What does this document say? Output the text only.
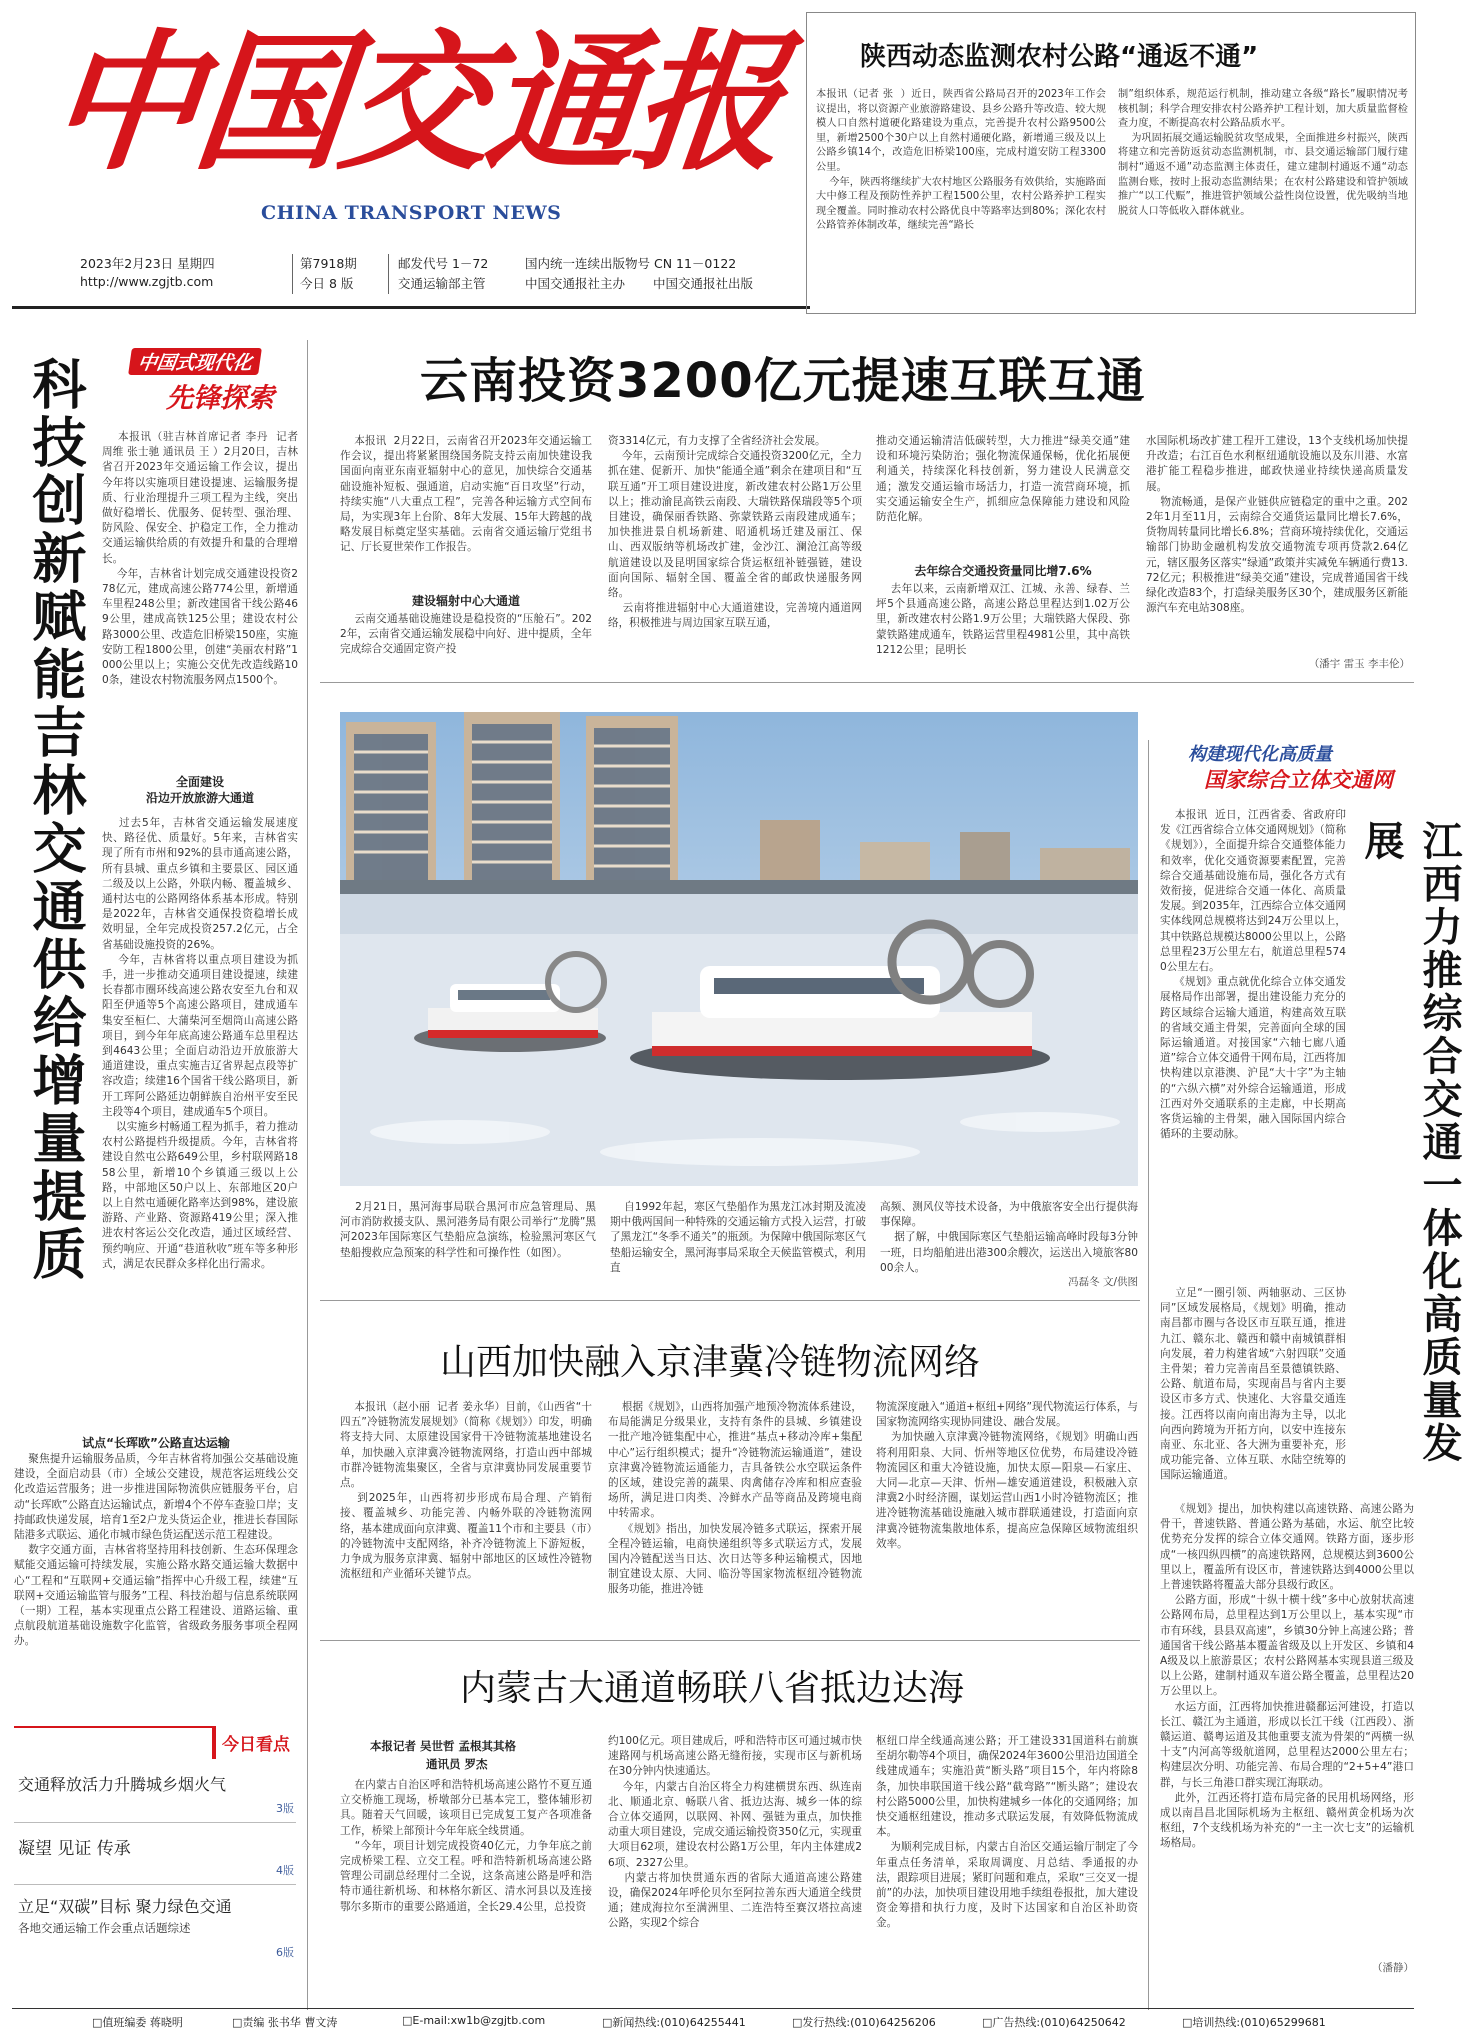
中国交通报
CHINA TRANSPORT NEWS
2023年2月23日 星期四
http://www.zgjtb.com
第7918期
今日 8 版
邮发代号 1－72	国内统一连续出版物号 CN 11－0122
交通运输部主管	中国交通报社主办 中国交通报社出版
陕西动态监测农村公路“通返不通”

本报讯（记者 张  ）近日，陕西省公路局召开的2023年工作会议提出，将以资源产业旅游路建设、县乡公路升等改造、较大规模人口自然村道硬化路建设为重点，完善提升农村公路9500公里，新增2500个30户以上自然村通硬化路，新增通三级及以上公路乡镇14个，改造危旧桥梁100座，完成村道安防工程3300公里。
今年，陕西将继续扩大农村地区公路服务有效供给，实施路面大中修工程及预防性养护工程1500公里，农村公路养护工程实现全覆盖。同时推动农村公路优良中等路率达到80%；深化农村公路管养体制改革，继续完善“路长

制”组织体系，规范运行机制，推动建立各级“路长”履职情况考核机制；科学合理安排农村公路养护工程计划，加大质量监督检查力度，不断提高农村公路品质水平。
为巩固拓展交通运输脱贫攻坚成果，全面推进乡村振兴，陕西将建立和完善防返贫动态监测机制，市、县交通运输部门履行建制村“通返不通”动态监测主体责任，建立建制村通返不通“动态监测台账，按时上报动态监测结果；在农村公路建设和管护领域推广“以工代赈”，推进管护领域公益性岗位设置，优先吸纳当地脱贫人口等低收入群体就业。

中国式现代化
先锋探索
科技创新赋能吉林交通供给增量提质	本报讯（驻吉林首席记者 李丹  记者 周维 张士驰 通讯员 王 ）2月20日，吉林省召开2023年交通运输工作会议，提出今年将以实施项目建设提速、运输服务提质、行业治理提升三项工程为主线，突出做好稳增长、优服务、促转型、强治理、防风险、保安全、护稳定工作，全力推动交通运输供给质的有效提升和量的合理增长。
今年，吉林省计划完成交通建设投资278亿元，建成高速公路774公里，新增通车里程248公里；新改建国省干线公路469公里，建成高铁125公里；建设农村公路3000公里、改造危旧桥梁150座，实施安防工程1800公里，创建“美丽农村路”1000公里以上；实施公交优先改造线路100条，建设农村物流服务网点1500个。

全面建设
沿边开放旅游大通道

过去5年，吉林省交通运输发展速度快、路径优、质量好。5年来，吉林省实现了所有市州和92%的县市通高速公路，所有县城、重点乡镇和主要景区、园区通二级及以上公路，外联内畅、覆盖城乡、通村达屯的公路网络体系基本形成。特别是2022年，吉林省交通保投资稳增长成效明显，全年完成投资257.2亿元，占全省基础设施投资的26%。
今年，吉林省将以重点项目建设为抓手，进一步推动交通项目建设提速，续建长春都市圈环线高速公路农安至九台和双阳至伊通等5个高速公路项目，建成通车集安至桓仁、大蒲柴河至烟筒山高速公路项目，到今年年底高速公路通车总里程达到4643公里；全面启动沿边开放旅游大通道建设，重点实施吉辽省界起点段等扩容改造；续建16个国省干线公路项目，新开工珲阿公路延边朝鲜族自治州平安至民主段等4个项目，建成通车5个项目。
以实施乡村畅通工程为抓手，着力推动农村公路提档升级提质。今年，吉林省将建设自然屯公路649公里，乡村联网路1858公里，新增10个乡镇通三级以上公路，中部地区50户以上、东部地区20户以上自然屯通硬化路率达到98%，建设旅游路、产业路、资源路419公里；深入推进农村客运公交化改造，通过区域经营、预约响应、开通“巷道秋收”班车等多种形式，满足农民群众多样化出行需求。

试点“长珲欧”公路直达运输

聚焦提升运输服务品质，今年吉林省将加强公交基础设施建设，全面启动县（市）全域公交建设，规范客运班线公交化改造运营服务；进一步推进国际物流供应链服务平台，启动“长珲欧”公路直达运输试点，新增4个不停车查验口岸；支持邮政快递发展，培育1至2户龙头货运企业，推进长春国际陆港多式联运、通化市城市绿色货运配送示范工程建设。
数字交通方面，吉林省将坚持用科技创新、生态环保理念赋能交通运输可持续发展，实施公路水路交通运输大数据中心“工程和“互联网+交通运输”指挥中心升级工程，续建“互联网+交通运输监管与服务”工程、科技治超与信息系统联网（一期）工程，基本实现重点公路工程建设、道路运输、重点航段航道基础设施数字化监管，省级政务服务事项全程网办。

今日看点
交通释放活力升腾城乡烟火气
3版
凝望 见证 传承
4版
立足“双碳”目标 聚力绿色交通
各地交通运输工作会重点话题综述
6版
云南投资3200亿元提速互联互通

本报讯  2月22日，云南省召开2023年交通运输工作会议，提出将紧紧围绕国务院支持云南加快建设我国面向南亚东南亚辐射中心的意见，加快综合交通基础设施补短板、强通道，启动实施“百日攻坚”行动，持续实施“八大重点工程”，完善各种运输方式空间布局，为实现3年上台阶、8年大发展、15年大跨越的战略发展目标奠定坚实基础。云南省交通运输厅党组书记、厅长夏世荣作工作报告。

建设辐射中心大通道

云南交通基础设施建设是稳投资的“压舱石”。2022年，云南省交通运输发展稳中向好、进中提质，全年完成综合交通固定资产投

资3314亿元，有力支撑了全省经济社会发展。
今年，云南预计完成综合交通投资3200亿元，全力抓在建、促新开、加快“能通全通”剩余在建项目和“互联互通”开工项目建设进度，新改建农村公路1万公里以上；推动渝昆高铁云南段、大瑞铁路保瑞段等5个项目建设，确保丽香铁路、弥蒙铁路云南段建成通车；加快推进景自机场新建、昭通机场迁建及丽江、保山、西双版纳等机场改扩建，金沙江、澜沧江高等级航道建设以及昆明国家综合货运枢纽补链强链，建设面向国际、辐射全国、覆盖全省的邮政快递服务网络。
云南将推进辐射中心大通道建设，完善境内通道网络，积极推进与周边国家互联互通，

推动交通运输清洁低碳转型，大力推进“绿美交通”建设和环境污染防治；强化物流保通保畅，优化拓展便利通关，持续深化科技创新，努力建设人民满意交通；激发交通运输市场活力，打造一流营商环境，抓实交通运输安全生产，抓细应急保障能力建设和风险防范化解。

去年综合交通投资量同比增7.6%

去年以来，云南新增双江、江城、永善、绿春、兰坪5个县通高速公路，高速公路总里程达到1.02万公里，新改建农村公路1.9万公里；大瑞铁路大保段、弥蒙铁路建成通车，铁路运营里程4981公里，其中高铁1212公里；昆明长

水国际机场改扩建工程开工建设，13个支线机场加快提升改造；右江百色水利枢纽通航设施以及东川港、水富港扩能工程稳步推进，邮政快递业持续快递高质量发展。
物流畅通，是保产业链供应链稳定的重中之重。2022年1月至11月，云南综合交通货运量同比增长7.6%，货物周转量同比增长6.8%；营商环境持续优化，交通运输部门协助金融机构发放交通物流专项再贷款2.64亿元，辖区服务区落实“绿通”政策并实减免车辆通行费13.72亿元；积极推进“绿美交通”建设，完成普通国省干线绿化改造83个，打造绿美服务区30个，建成服务区新能源汽车充电站308座。

（潘宇 雷玉 李丰伦）

2月21日，黑河海事局联合黑河市应急管理局、黑河市消防救援支队、黑河港务局有限公司举行“龙腾”黑河2023年国际寒区气垫船应急演练，检验黑河寒区气垫船搜救应急预案的科学性和可操作性（如图）。

自1992年起，寒区气垫船作为黑龙江冰封期及流凌期中俄两国间一种特殊的交通运输方式投入运营，打破了黑龙江“冬季不通关”的瓶颈。为保障中俄国际寒区气垫船运输安全，黑河海事局采取全天候监管模式，利用直

高频、测风仪等技术设备，为中俄旅客安全出行提供海事保障。
据了解，中俄国际寒区气垫船运输高峰时段每3分钟一班，日均船舶进出港300余艘次，运送出入境旅客8000余人。

冯磊冬 文/供图
构建现代化高质量
国家综合立体交通网

本报讯  近日，江西省委、省政府印发《江西省综合立体交通网规划》（简称《规划》），全面提升综合交通整体能力和效率，优化交通资源要素配置，完善综合交通基础设施布局，强化各方式有效衔接，促进综合交通一体化、高质量发展。到2035年，江西综合立体交通网实体线网总规模将达到24万公里以上，其中铁路总规模达8000公里以上，公路总里程23万公里左右，航道总里程5740公里左右。
《规划》重点就优化综合立体交通发展格局作出部署，提出建设能力充分的跨区域综合运输大通道，构建高效互联的省域交通主骨架，完善面向全球的国际运输通道。对接国家“六轴七廊八通道”综合立体交通骨干网布局，江西将加快构建以京港澳、沪昆“大十字”为主轴的“六纵六横”对外综合运输通道，形成江西对外交通联系的主走廊，中长期高客货运输的主骨架，融入国际国内综合循环的主要动脉。	江西力推综合交通一体化高质量发展

立足“一圈引领、两轴驱动、三区协同”区域发展格局，《规划》明确，推动南昌都市圈与各设区市互联互通，推进九江、赣东北、赣西和赣中南城镇群相向发展，着力构建省域“六射四联”交通主骨架；着力完善南昌至景德镇铁路、公路、航道布局，实现南昌与省内主要设区市多方式、快速化、大容量交通连接。江西将以南向南出海为主导，以北向西向跨境为开拓方向，以安中连接东南亚、东北亚、各大洲为重要补充，形成功能完备、立体互联、水陆空统筹的国际运输通道。

《规划》提出，加快构建以高速铁路、高速公路为骨干，普速铁路、普通公路为基础，水运、航空比较优势充分发挥的综合立体交通网。铁路方面，逐步形成“一核四纵四横”的高速铁路网，总规模达到3600公里以上，覆盖所有设区市，普速铁路达到4000公里以上普速铁路将覆盖大部分县级行政区。
公路方面，形成“十纵十横十线”多中心放射状高速公路网布局，总里程达到1万公里以上，基本实现“市市有环线，县县双高速”，乡镇30分钟上高速公路；普通国省干线公路基本覆盖省级及以上开发区、乡镇和4A级及以上旅游景区；农村公路网基本实现县道三级及以上公路，建制村通双车道公路全覆盖，总里程达20万公里以上。
水运方面，江西将加快推进赣鄱运河建设，打造以长江、赣江为主通道，形成以长江干线（江西段）、浙赣运道、赣粤运道及其他重要支流为骨架的“两横一纵十支”内河高等级航道网，总里程达2000公里左右；构建层次分明、功能完善、布局合理的“2+5+4”港口群，与长三角港口群实现江海联动。
此外，江西还将打造布局完备的民用机场网络，形成以南昌昌北国际机场为主枢纽、赣州黄金机场为次枢纽，7个支线机场为补充的“一主一次七支”的运输机场格局。

（潘静）
山西加快融入京津冀冷链物流网络

本报讯（赵小丽  记者 姜永华）目前，《山西省“十四五”冷链物流发展规划》（简称《规划》）印发，明确将支持大同、太原建设国家骨干冷链物流基地建设名单，加快融入京津冀冷链物流网络，打造山西中部城市群冷链物流集聚区，全省与京津冀协同发展重要节点。
到2025年，山西将初步形成布局合理、产销衔接、覆盖城乡、功能完善、内畅外联的冷链物流网络，基本建成面向京津冀、覆盖11个市和主要县（市）的冷链物流中支配网络，补齐冷链物流上下游短板，力争成为服务京津冀、辐射中部地区的区域性冷链物流枢纽和产业循环关键节点。

根据《规划》，山西将加强产地预冷物流体系建设，布局能满足分级果业，支持有条件的县城、乡镇建设一批产地冷链集配中心，推进“基点+移动冷库+集配中心”运行组织模式；提升“冷链物流运输通道”，建设京津冀冷链物流运通能力，吉具备铁公水空联运条件的区域，建设完善的蔬果、肉禽储存冷库和相应查验场所，满足进口肉类、冷鲜水产品等商品及跨境电商中转需求。
《规划》指出，加快发展冷链多式联运，探索开展全程冷链运输，电商快递组织等多式联运方式，发展国内冷链配送当日达、次日达等多种运输模式，因地制宜建设太原、大同、临汾等国家物流枢纽冷链物流服务功能，推进冷链

物流深度融入“通道+枢纽+网络”现代物流运行体系，与国家物流网络实现协同建设、融合发展。
为加快融入京津冀冷链物流网络，《规划》明确山西将利用阳泉、大同、忻州等地区位优势，布局建设冷链物流园区和重大冷链设施，加快太原—阳泉—石家庄、大同—北京—天津、忻州—雄安通道建设，积极融入京津冀2小时经济圈，谋划运营山西1小时冷链物流区；推进冷链物流基础设施融入城市群联通建设，打造面向京津冀冷链物流集散地体系，提高应急保障区域物流组织效率。

内蒙古大通道畅联八省抵边达海
本报记者 吴世哲 孟根其其格
通讯员 罗杰

在内蒙古自治区呼和浩特机场高速公路竹不夏互通立交桥施工现场，桥墩部分已基本完工，整体辅形初具。随着天气回暖，该项目已完成复工复产各项准备工作，桥梁上部预计今年年底全线贯通。
“今年，项目计划完成投资40亿元，力争年底之前完成桥梁工程、立交工程。呼和浩特新机场高速公路管理公司副总经理付二全说，这条高速公路是呼和浩特市通往新机场、和林格尔新区、清水河县以及连接鄂尔多斯市的重要公路通道，全长29.4公里，总投资

约100亿元。项目建成后，呼和浩特市区可通过城市快速路网与机场高速公路无缝衔接，实现市区与新机场在30分钟内快速通达。
今年，内蒙古自治区将全力构建横贯东西、纵连南北、顺通北京、畅联八省、抵边达海、城乡一体的综合立体交通网，以联网、补网、强链为重点，加快推动重大项目建设，完成交通运输投资350亿元，实现重大项目62项，建设农村公路1万公里，年内主体建成26项、2327公里。
内蒙古将加快贯通东西的省际大通道高速公路建设，确保2024年呼伦贝尔至阿拉善东西大通道全线贯通；建成海拉尔至满洲里、二连浩特至赛汉塔拉高速公路，实现2个综合

枢纽口岸全线通高速公路；开工建设331国道科右前旗至胡尔勒等4个项目，确保2024年3600公里沿边国道全线建成通车；实施沿黄“断头路”项目15个，年内将除8条，加快串联国道干线公路“截弯路”“断头路”；建设农村公路5000公里，加快构建城乡一体化的交通网络；加快交通枢纽建设，推动多式联运发展，有效降低物流成本。
为顺利完成目标，内蒙古自治区交通运输厅制定了今年重点任务清单，采取周调度、月总结、季通报的办法，跟踪项目进展；紧盯问题和难点，采取“三交叉一提前”的办法，加快项目建设用地手续组卷报批，加大建设资金筹措和执行力度，及时下达国家和自治区补助资金。

□值班编委 蒋晓明	□责编 张书华 曹文涛	□E-mail:xw1b@zgjtb.com	□新闻热线:(010)64255441	□发行热线:(010)64256206	□广告热线:(010)64250642	□培训热线:(010)65299681
